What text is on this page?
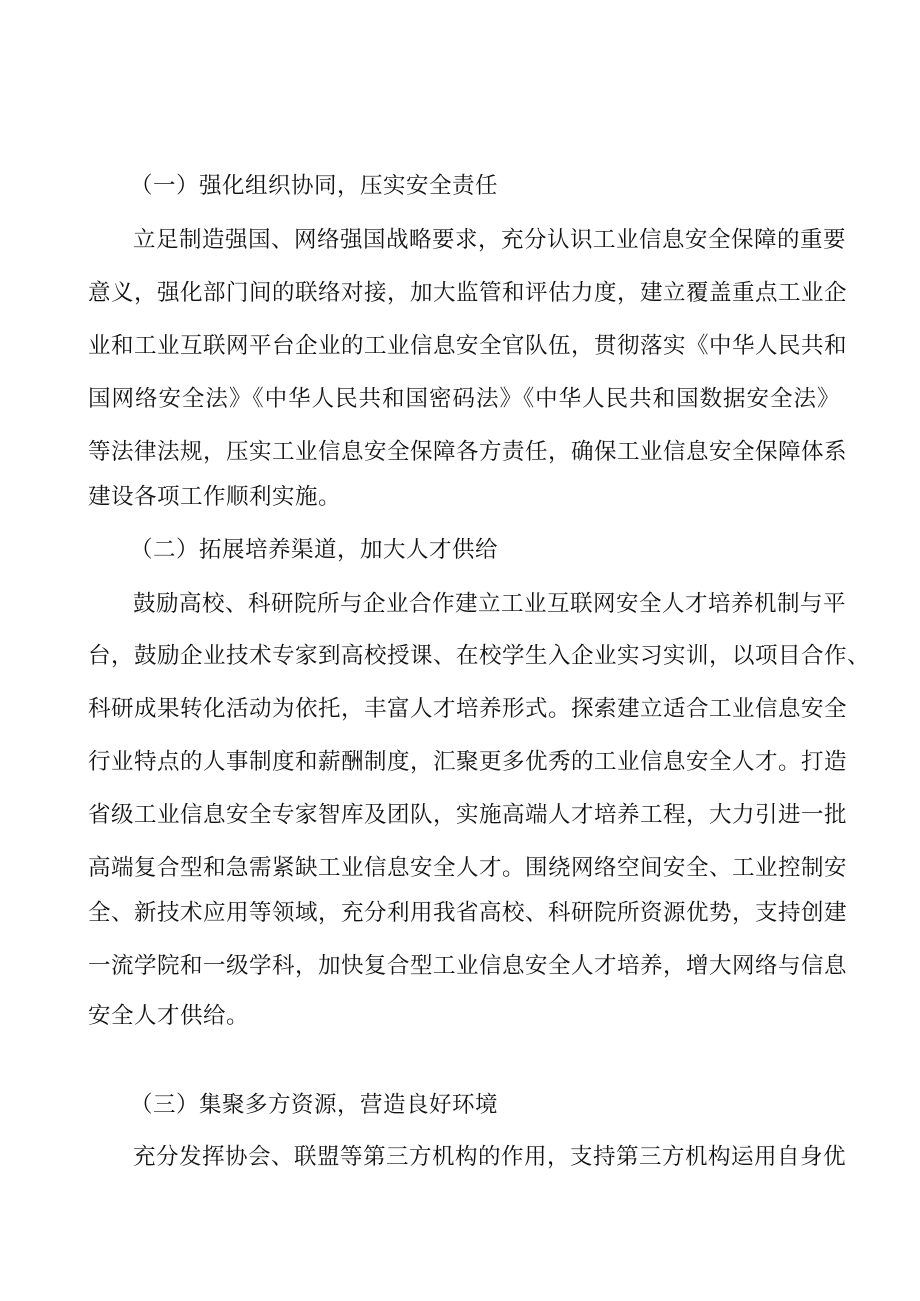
（一）强化组织协同，压实安全责任
立足制造强国、网络强国战略要求，充分认识工业信息安全保障的重要
意义，强化部门间的联络对接，加大监管和评估力度，建立覆盖重点工业企
业和工业互联网平台企业的工业信息安全官队伍，贯彻落实《中华人民共和
国网络安全法》《中华人民共和国密码法》《中华人民共和国数据安全法》
等法律法规，压实工业信息安全保障各方责任，确保工业信息安全保障体系
建设各项工作顺利实施。
（二）拓展培养渠道，加大人才供给
鼓励高校、科研院所与企业合作建立工业互联网安全人才培养机制与平
台，鼓励企业技术专家到高校授课、在校学生入企业实习实训，以项目合作、
科研成果转化活动为依托，丰富人才培养形式。探索建立适合工业信息安全
行业特点的人事制度和薪酬制度，汇聚更多优秀的工业信息安全人才。打造
省级工业信息安全专家智库及团队，实施高端人才培养工程，大力引进一批
高端复合型和急需紧缺工业信息安全人才。围绕网络空间安全、工业控制安
全、新技术应用等领域，充分利用我省高校、科研院所资源优势，支持创建
一流学院和一级学科，加快复合型工业信息安全人才培养，增大网络与信息
安全人才供给。
（三）集聚多方资源，营造良好环境
充分发挥协会、联盟等第三方机构的作用，支持第三方机构运用自身优
